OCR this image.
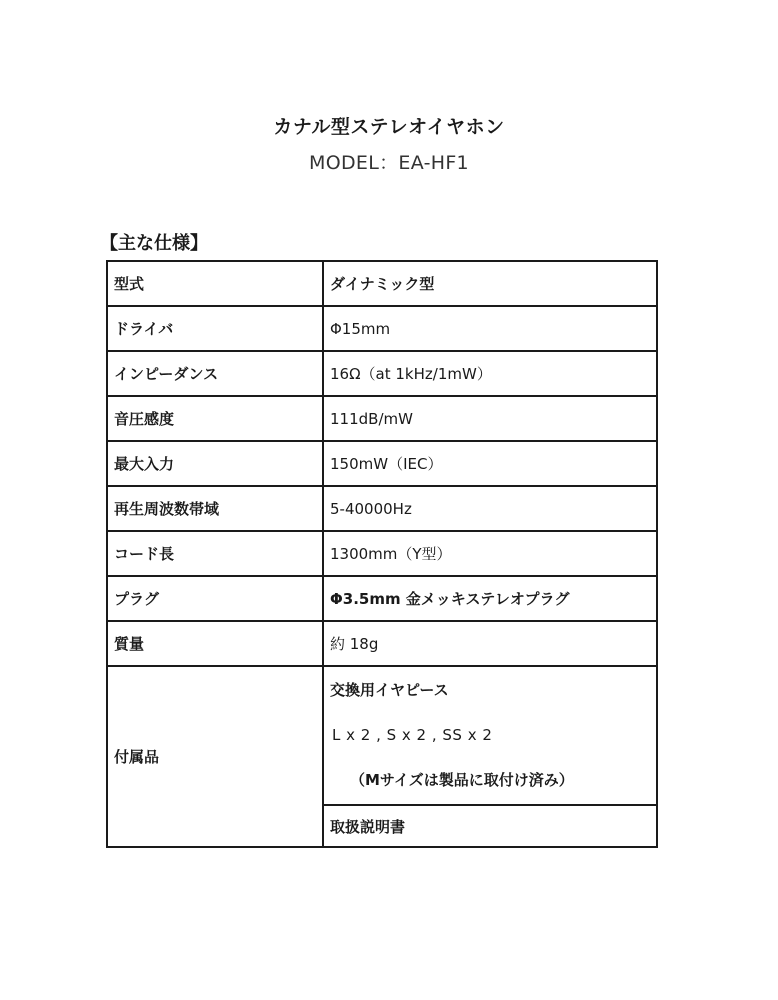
カナル型ステレオイヤホン
MODEL：EA-HF1
【主な仕様】
型式	ダイナミック型
ドライバ	Φ15mm
インピーダンス	16Ω（at 1kHz/1mW）
音圧感度	111dB/mW
最大入力	150mW（IEC）
再生周波数帯域	5-40000Hz
コード長	1300mm（Y型）
プラグ	Φ3.5mm 金メッキステレオプラグ
質量	約 18g
付属品	交換用イヤピース
L x 2 , S x 2 , SS x 2
（Mサイズは製品に取付け済み）

	取扱説明書
